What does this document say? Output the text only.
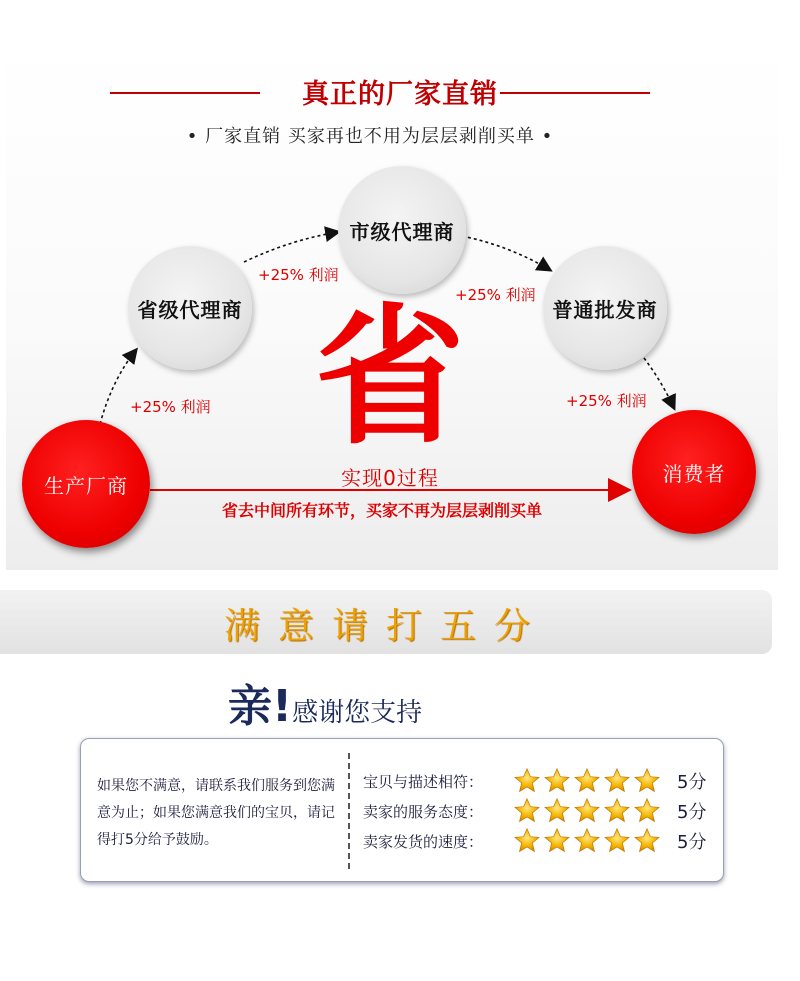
真正的厂家直销
• 厂家直销 买家再也不用为层层剥削买单 •
省级代理商
市级代理商
普通批发商
生产厂商	消费者
+25% 利润
+25% 利润
+25% 利润	+25% 利润
省
实现0过程
省去中间所有环节，买家不再为层层剥削买单
满意请打五分
亲!感谢您支持
如果您不满意，请联系我们服务到您满意为止；如果您满意我们的宝贝，请记得打5分给予鼓励。
宝贝与描述相符：	5分
卖家的服务态度：	5分
卖家发货的速度：	5分
